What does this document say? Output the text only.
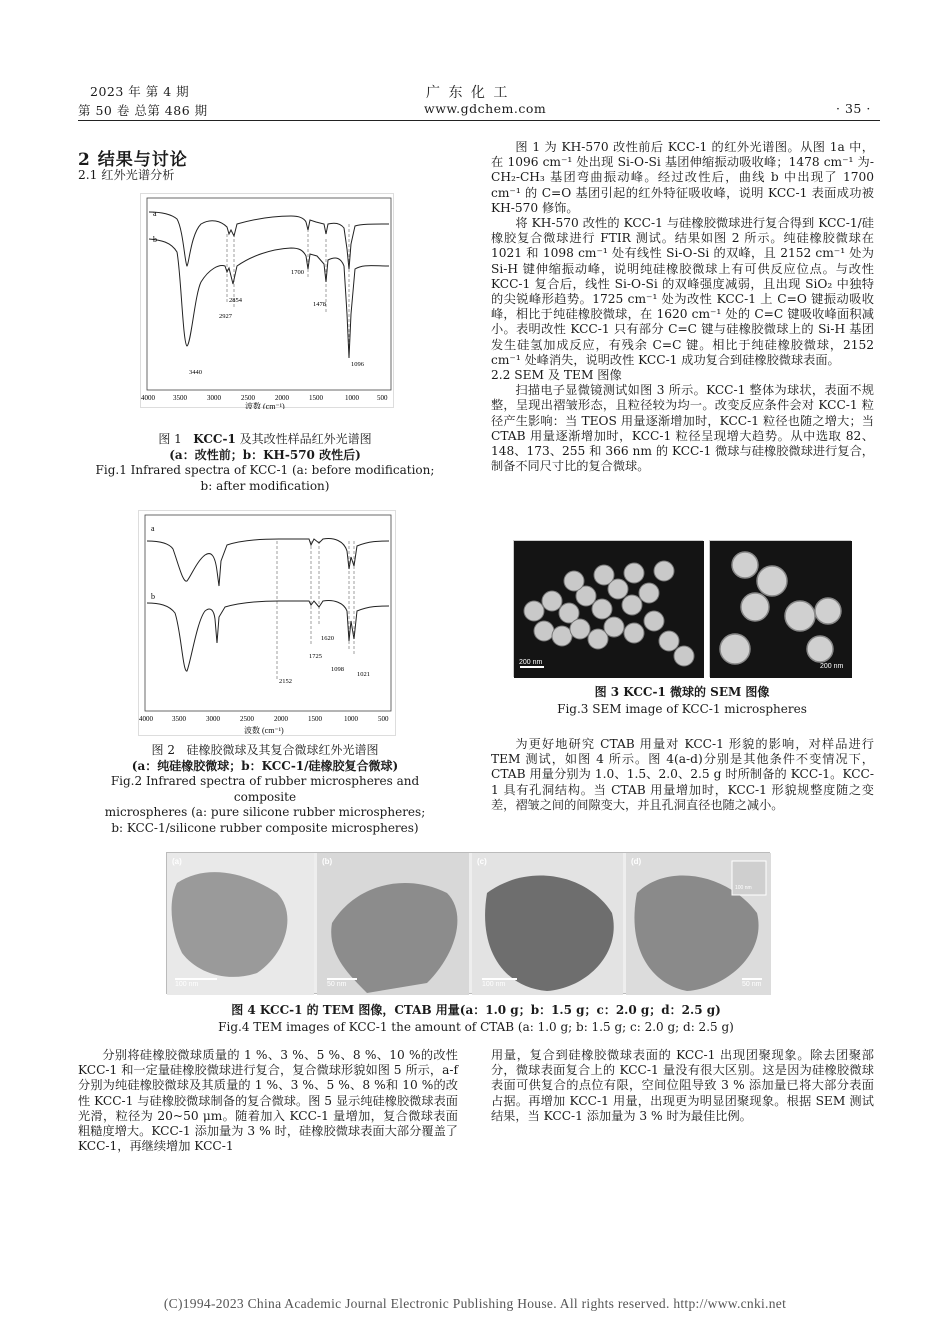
2023 年 第 4 期
第 50 卷 总第 486 期
广 东 化 工
www.gdchem.com	· 35 ·
2 结果与讨论
2.1 红外光谱分析
a
b
3440
2927
2854
1700
1478
1096
4000	3500	3000	2500	2000	1500	1000	500
波数 (cm⁻¹)
图 1 KCC-1 及其改性样品红外光谱图
(a：改性前；b：KH-570 改性后)
Fig.1 Infrared spectra of KCC-1 (a: before modification;
b: after modification)
a
b
2152
1725
1620
1098
1021
4000	3500	3000	2500	2000	1500	1000	500
波数 (cm⁻¹)
图 2 硅橡胶微球及其复合微球红外光谱图
(a：纯硅橡胶微球；b：KCC-1/硅橡胶复合微球)
Fig.2 Infrared spectra of rubber microspheres and composite
microspheres (a: pure silicone rubber microspheres;
b: KCC-1/silicone rubber composite microspheres)

图 1 为 KH-570 改性前后 KCC-1 的红外光谱图。从图 1a 中，在 1096 cm⁻¹ 处出现 Si-O-Si 基团伸缩振动吸收峰；1478 cm⁻¹ 为-CH₂-CH₃ 基团弯曲振动峰。经过改性后，曲线 b 中出现了 1700 cm⁻¹ 的 C=O 基团引起的红外特征吸收峰，说明 KCC-1 表面成功被 KH-570 修饰。

将 KH-570 改性的 KCC-1 与硅橡胶微球进行复合得到 KCC-1/硅橡胶复合微球进行 FTIR 测试。结果如图 2 所示。纯硅橡胶微球在 1021 和 1098 cm⁻¹ 处有线性 Si-O-Si 的双峰，且 2152 cm⁻¹ 处为 Si-H 键伸缩振动峰，说明纯硅橡胶微球上有可供反应位点。与改性 KCC-1 复合后，线性 Si-O-Si 的双峰强度减弱，且出现 SiO₂ 中独特的尖锐峰形趋势。1725 cm⁻¹ 处为改性 KCC-1 上 C=O 键振动吸收峰，相比于纯硅橡胶微球，在 1620 cm⁻¹ 处的 C=C 键吸收峰面积减小。表明改性 KCC-1 只有部分 C=C 键与硅橡胶微球上的 Si-H 基团发生硅氢加成反应，有残余 C=C 键。相比于纯硅橡胶微球，2152 cm⁻¹ 处峰消失，说明改性 KCC-1 成功复合到硅橡胶微球表面。

2.2 SEM 及 TEM 图像

扫描电子显微镜测试如图 3 所示。KCC-1 整体为球状，表面不规整，呈现出褶皱形态，且粒径较为均一。改变反应条件会对 KCC-1 粒径产生影响：当 TEOS 用量逐渐增加时，KCC-1 粒径也随之增大；当 CTAB 用量逐渐增加时，KCC-1 粒径呈现增大趋势。从中选取 82、148、173、255 和 366 nm 的 KCC-1 微球与硅橡胶微球进行复合，制备不同尺寸比的复合微球。

200 nm
200 nm
图 3 KCC-1 微球的 SEM 图像
Fig.3 SEM image of KCC-1 microspheres

为更好地研究 CTAB 用量对 KCC-1 形貌的影响，对样品进行 TEM 测试，如图 4 所示。图 4(a-d)分别是其他条件不变情况下，CTAB 用量分别为 1.0、1.5、2.0、2.5 g 时所制备的 KCC-1。KCC-1 具有孔洞结构。当 CTAB 用量增加时，KCC-1 形貌规整度随之变差，褶皱之间的间隙变大，并且孔洞直径也随之减小。

(a)	(b)	(c)	(d)
100 nm	50 nm	100 nm	50 nm
100 nm
图 4 KCC-1 的 TEM 图像，CTAB 用量(a：1.0 g；b：1.5 g；c：2.0 g；d：2.5 g)
Fig.4 TEM images of KCC-1 the amount of CTAB (a: 1.0 g; b: 1.5 g; c: 2.0 g; d: 2.5 g)

分别将硅橡胶微球质量的 1 %、3 %、5 %、8 %、10 %的改性 KCC-1 和一定量硅橡胶微球进行复合，复合微球形貌如图 5 所示，a-f 分别为纯硅橡胶微球及其质量的 1 %、3 %、5 %、8 %和 10 %的改性 KCC-1 与硅橡胶微球制备的复合微球。图 5 显示纯硅橡胶微球表面光滑，粒径为 20~50 μm。随着加入 KCC-1 量增加，复合微球表面粗糙度增大。KCC-1 添加量为 3 % 时，硅橡胶微球表面大部分覆盖了 KCC-1，再继续增加 KCC-1

用量，复合到硅橡胶微球表面的 KCC-1 出现团聚现象。除去团聚部分，微球表面复合上的 KCC-1 量没有很大区别。这是因为硅橡胶微球表面可供复合的点位有限，空间位阻导致 3 % 添加量已将大部分表面占据。再增加 KCC-1 用量，出现更为明显团聚现象。根据 SEM 测试结果，当 KCC-1 添加量为 3 % 时为最佳比例。
(C)1994-2023 China Academic Journal Electronic Publishing House. All rights reserved. http://www.cnki.net
